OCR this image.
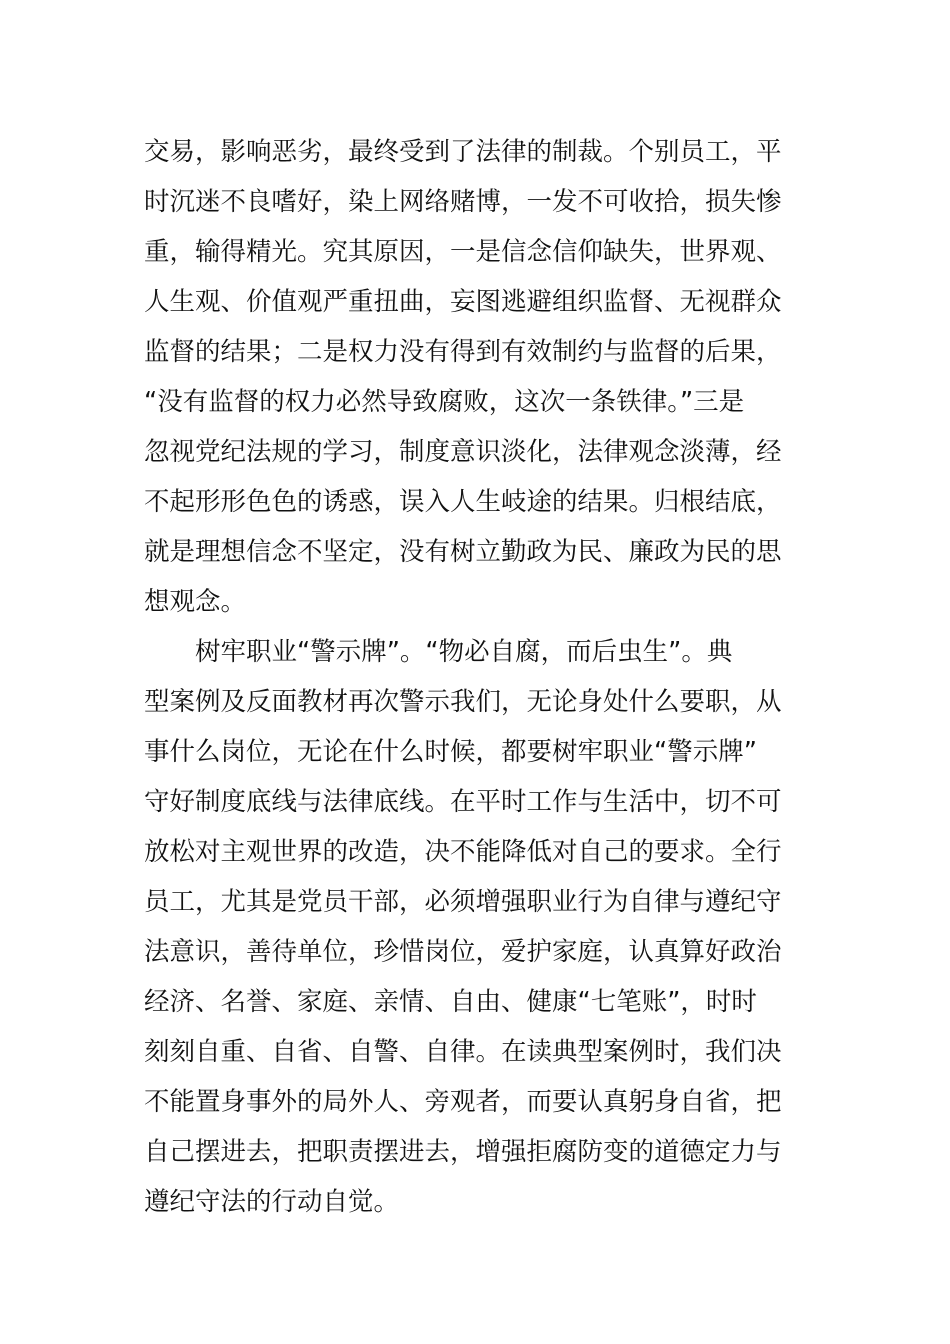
交易，影响恶劣，最终受到了法律的制裁。个别员工，平
时沉迷不良嗜好，染上网络赌博，一发不可收拾，损失惨
重，输得精光。究其原因，一是信念信仰缺失，世界观、
人生观、价值观严重扭曲，妄图逃避组织监督、无视群众
监督的结果；二是权力没有得到有效制约与监督的后果，
“没有监督的权力必然导致腐败，这次一条铁律。”三是
忽视党纪法规的学习，制度意识淡化，法律观念淡薄，经
不起形形色色的诱惑，误入人生岐途的结果。归根结底，
就是理想信念不坚定，没有树立勤政为民、廉政为民的思
想观念。
　　树牢职业“警示牌”。“物必自腐，而后虫生”。典
型案例及反面教材再次警示我们，无论身处什么要职，从
事什么岗位，无论在什么时候，都要树牢职业“警示牌”
守好制度底线与法律底线。在平时工作与生活中，切不可
放松对主观世界的改造，决不能降低对自己的要求。全行
员工，尤其是党员干部，必须增强职业行为自律与遵纪守
法意识，善待单位，珍惜岗位，爱护家庭，认真算好政治
经济、名誉、家庭、亲情、自由、健康“七笔账”，时时
刻刻自重、自省、自警、自律。在读典型案例时，我们决
不能置身事外的局外人、旁观者，而要认真躬身自省，把
自己摆进去，把职责摆进去，增强拒腐防变的道德定力与
遵纪守法的行动自觉。
